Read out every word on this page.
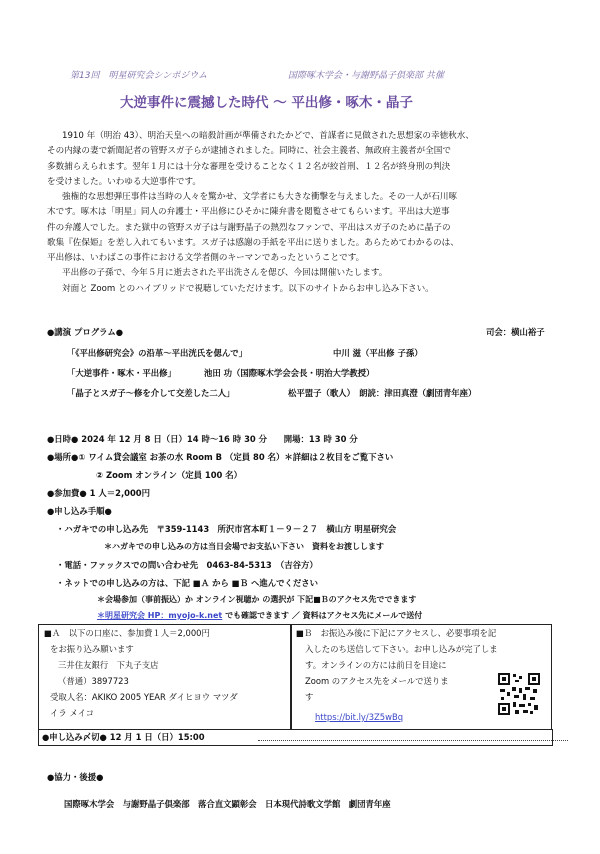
第13回　明星研究会シンポジウム	国際啄木学会・与謝野晶子倶楽部 共催
大逆事件に震撼した時代 ～ 平出修・啄木・晶子
1910 年（明治 43）、明治天皇への暗殺計画が準備されたかどで、首謀者に見做された思想家の幸徳秋水、
その内縁の妻で新聞記者の管野スガ子らが逮捕されました。同時に、社会主義者、無政府主義者が全国で
多数捕らえられます。翌年１月には十分な審理を受けることなく１２名が絞首刑、１２名が終身刑の判決
を受けました。いわゆる大逆事件です。
強権的な思想弾圧事件は当時の人々を驚かせ、文学者にも大きな衝撃を与えました。その一人が石川啄
木です。啄木は「明星」同人の弁護士・平出修にひそかに陳弁書を閲覧させてもらいます。平出は大逆事
件の弁護人でした。また獄中の管野スガ子は与謝野晶子の熱烈なファンで、平出はスガ子のために晶子の
歌集『佐保姫』を差し入れてもいます。スガ子は感謝の手紙を平出に送りました。あらためてわかるのは、
平出修は、いわばこの事件における文学者側のキーマンであったということです。
平出修の子孫で、今年５月に逝去された平出洗さんを偲び、今回は開催いたします。
対面と Zoom とのハイブリッドで視聴していただけます。以下のサイトからお申し込み下さい。
●講演 プログラム●	司会：横山裕子
「《平出修研究会》の沿革～平出洸氏を偲んで」	中川 滋（平出修 子孫）
「大逆事件・啄木・平出修」	池田 功（国際啄木学会会長・明治大学教授）
「晶子とスガ子～修を介して交差した二人」	松平盟子（歌人）　朗読：津田真澄（劇団青年座）
●日時● 2024 年 12 月 8 日（日）14 時～16 時 30 分　　開場：13 時 30 分
●場所●① ワイム貸会議室 お茶の水 Room B （定員 80 名）＊詳細は２枚目をご覧下さい
② Zoom オンライン（定員 100 名）
●参加費● 1 人＝2,000円
●申し込み手順●
・ハガキでの申し込み先　〒359-1143　所沢市宮本町１－９－２７　横山方 明星研究会
＊ハガキでの申し込みの方は当日会場でお支払い下さい　資料をお渡しします
・電話・ファックスでの問い合わせ先　0463-84-5313　（吉谷方）
・ネットでの申し込みの方は、下記 ■Ａ から ■Ｂ へ進んでください
＊会場参加（事前振込）か オンライン視聴か の選択が 下記■Ｂのアクセス先でできます
＊明星研究会 HP：myojo-k.net でも確認できます ／ 資料はアクセス先にメールで送付
■Ａ　以下の口座に、参加費１人＝2,000円
をお振り込み願います
三井住友銀行　下丸子支店
（普通）3897723
受取人名：AKIKO 2005 YEAR ダイヒヨウ マツダ
イラ メイコ
■Ｂ　お振込み後に下記にアクセスし、必要事項を記
入したのち送信して下さい。お申し込みが完了しま
す。オンラインの方には前日を目途に
Zoom のアクセス先をメールで送りま
す
https://bit.ly/3Z5wBq
●申し込み〆切● 12 月 1 日（日）15:00
●協力・後援●
国際啄木学会　与謝野晶子倶楽部　落合直文顕彰会　日本現代詩歌文学館　劇団青年座
